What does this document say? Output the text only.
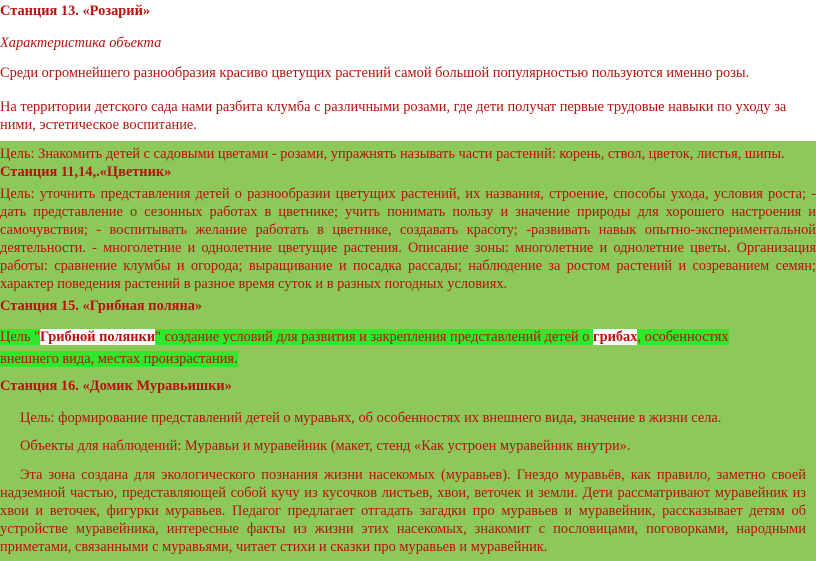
Станция 13. «Розарий»
Характеристика объекта
Среди огромнейшего разнообразия красиво цветущих растений самой большой популярностью пользуются именно розы.
На территории детского сада нами разбита клумба с различными розами, где дети получат первые трудовые навыки по уходу за ними, эстетическое воспитание.
Цель: Знакомить детей с садовыми цветами - розами, упражнять называть части растений: корень, ствол, цветок, листья, шипы.
Станция 11,14,.«Цветник»
Цель: уточнить представления детей о разнообразии цветущих растений, их названия, строение, способы ухода, условия роста; - дать представление о сезонных работах в цветнике; учить понимать пользу и значение природы для хорошего настроения и самочувствия; - воспитывать желание работать в цветнике, создавать красоту; -развивать навык опытно-экспериментальной деятельности. - многолетние и однолетние цветущие растения. Описание зоны: многолетние и однолетние цветы. Организация работы: сравнение клумбы и огорода; выращивание и посадка рассады; наблюдение за ростом растений и созреванием семян; характер поведения растений в разное время суток и в разных погодных условиях.
Станция 15. «Грибная поляна»
Цель "Грибной полянки" создание условий для развития и закрепления представлений детей о грибах, особенностях внешнего вида, местах произрастания.
Станция 16. «Домик Муравьишки»
Цель: формирование представлений детей о муравьях, об особенностях их внешнего вида, значение в жизни села.
Объекты для наблюдений: Муравьи и муравейник (макет, стенд «Как устроен муравейник внутри».
Эта зона создана для экологического познания жизни насекомых (муравьев). Гнездо муравьёв, как правило, заметно своей надземной частью, представляющей собой кучу из кусочков листьев, хвои, веточек и земли. Дети рассматривают муравейник из хвои и веточек, фигурки муравьев. Педагог предлагает отгадать загадки про муравьев и муравейник, рассказывает детям об устройстве муравейника, интересные факты из жизни этих насекомых, знакомит с пословицами, поговорками, народными приметами, связанными с муравьями, читает стихи и сказки про муравьев и муравейник.
